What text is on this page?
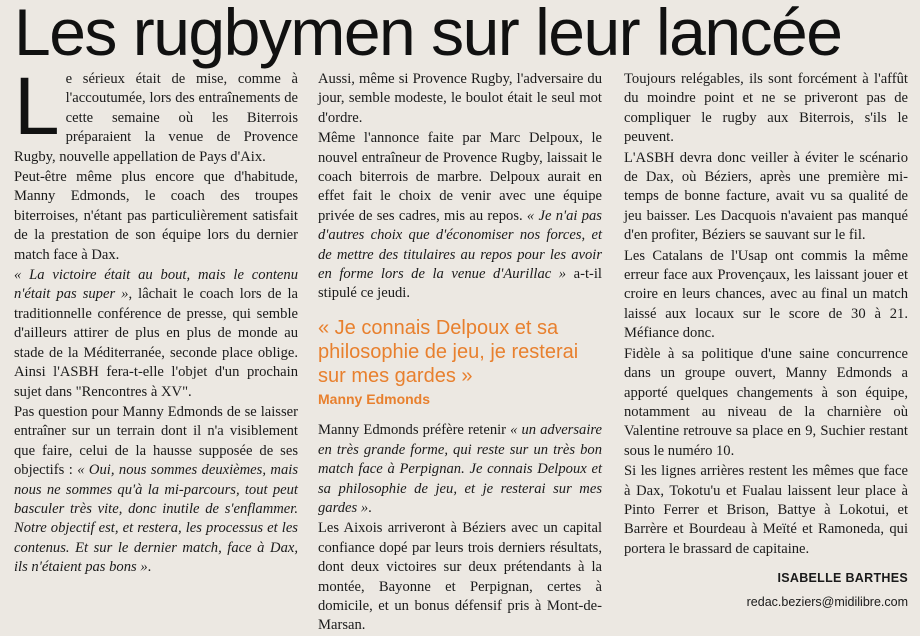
Les rugbymen sur leur lancée

Le sérieux était de mise, comme à l'accoutumée, lors des entraînements de cette semaine où les Biterrois préparaient la venue de Provence Rugby, nouvelle appellation de Pays d'Aix.

Peut-être même plus encore que d'habitude, Manny Edmonds, le coach des troupes biterroises, n'étant pas particulièrement satisfait de la prestation de son équipe lors du dernier match face à Dax.

« La victoire était au bout, mais le contenu n'était pas super », lâchait le coach lors de la traditionnelle conférence de presse, qui semble d'ailleurs attirer de plus en plus de monde au stade de la Méditerranée, seconde place oblige. Ainsi l'ASBH fera-t-elle l'objet d'un prochain sujet dans "Rencontres à XV".

Pas question pour Manny Edmonds de se laisser entraîner sur un terrain dont il n'a visiblement que faire, celui de la hausse supposée de ses objectifs : « Oui, nous sommes deuxièmes, mais nous ne sommes qu'à la mi-parcours, tout peut basculer très vite, donc inutile de s'enflammer. Notre objectif est, et restera, les processus et les contenus. Et sur le dernier match, face à Dax, ils n'étaient pas bons ».

Aussi, même si Provence Rugby, l'adversaire du jour, semble modeste, le boulot était le seul mot d'ordre.

Même l'annonce faite par Marc Delpoux, le nouvel entraîneur de Provence Rugby, laissait le coach biterrois de marbre. Delpoux aurait en effet fait le choix de venir avec une équipe privée de ses cadres, mis au repos. « Je n'ai pas d'autres choix que d'économiser nos forces, et de mettre des titulaires au repos pour les avoir en forme lors de la venue d'Aurillac » a-t-il stipulé ce jeudi.

« Je connais Delpoux et sa philosophie de jeu, je resterai sur mes gardes »
Manny Edmonds

Manny Edmonds préfère retenir « un adversaire en très grande forme, qui reste sur un très bon match face à Perpignan. Je connais Delpoux et sa philosophie de jeu, et je resterai sur mes gardes ».

Les Aixois arriveront à Béziers avec un capital confiance dopé par leurs trois derniers résultats, dont deux victoires sur deux prétendants à la montée, Bayonne et Perpignan, certes à domicile, et un bonus défensif pris à Mont-de-Marsan.

Toujours relégables, ils sont forcément à l'affût du moindre point et ne se priveront pas de compliquer le rugby aux Biterrois, s'ils le peuvent.

L'ASBH devra donc veiller à éviter le scénario de Dax, où Béziers, après une première mi-temps de bonne facture, avait vu sa qualité de jeu baisser. Les Dacquois n'avaient pas manqué d'en profiter, Béziers se sauvant sur le fil.

Les Catalans de l'Usap ont commis la même erreur face aux Provençaux, les laissant jouer et croire en leurs chances, avec au final un match laissé aux locaux sur le score de 30 à 21. Méfiance donc.

Fidèle à sa politique d'une saine concurrence dans un groupe ouvert, Manny Edmonds a apporté quelques changements à son équipe, notamment au niveau de la charnière où Valentine retrouve sa place en 9, Suchier restant sous le numéro 10.

Si les lignes arrières restent les mêmes que face à Dax, Tokotu'u et Fualau laissent leur place à Pinto Ferrer et Brison, Battye à Lokotui, et Barrère et Bourdeau à Meïté et Ramoneda, qui portera le brassard de capitaine.

ISABELLE BARTHES
redac.beziers@midilibre.com
